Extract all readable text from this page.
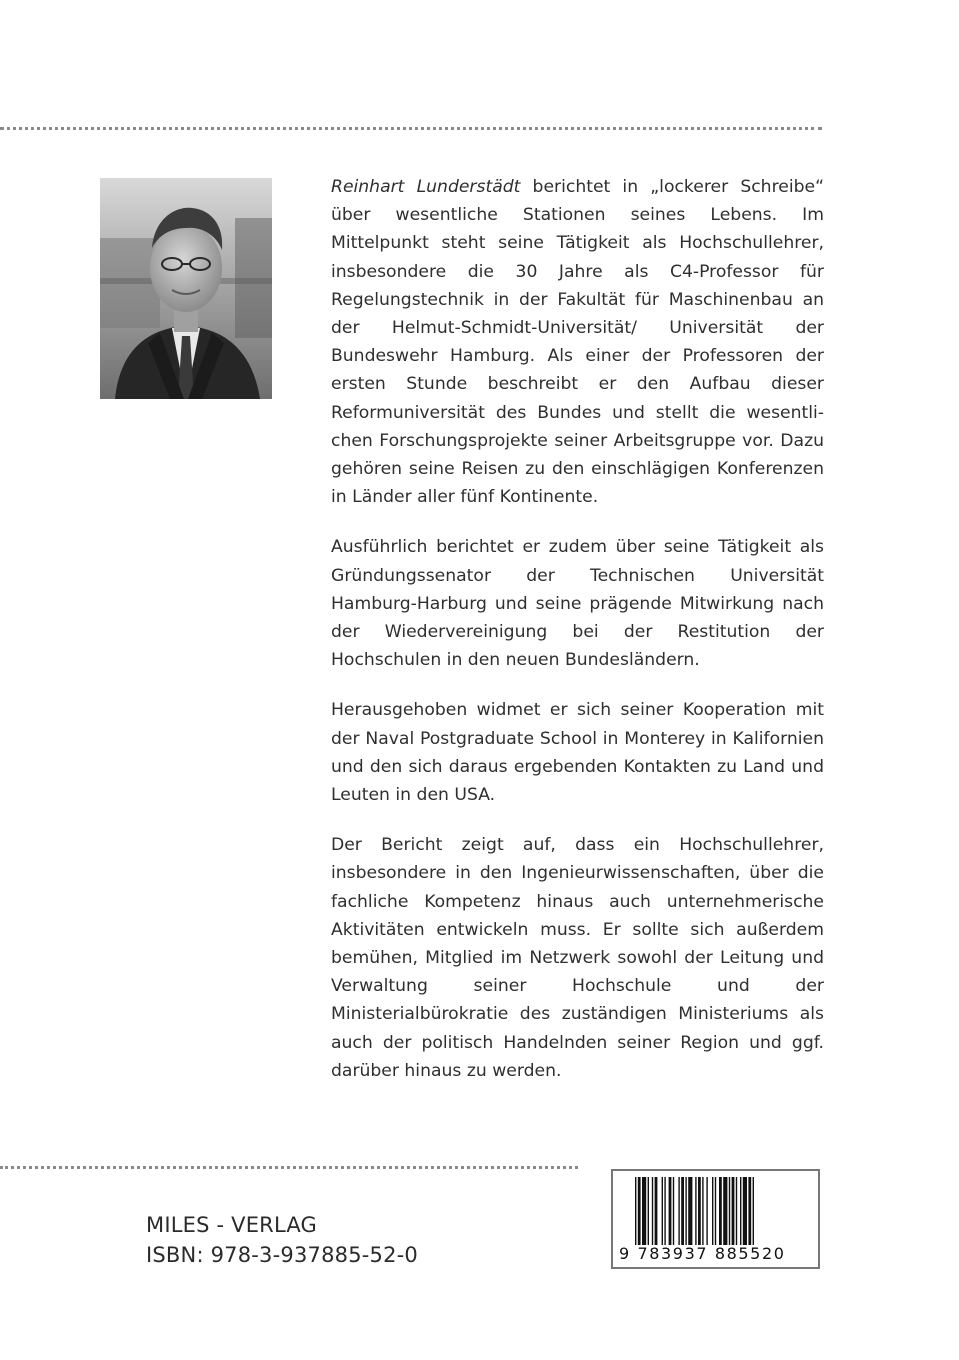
Reinhart Lunderstädt berichtet in „lockerer Schreibe“ über wesentliche Stationen seines Lebens. Im Mittelpunkt steht seine Tätigkeit als Hochschullehrer, insbesondere die 30 Jahre als C4-Professor für Regelungstechnik in der Fakultät für Maschinenbau an der Helmut-Schmidt-Universität/ Universität der Bundeswehr Hamburg. Als einer der Professoren der ersten Stunde beschreibt er den Aufbau dieser Reformuniversität des Bundes und stellt die wesentlichen Forschungsprojekte seiner Arbeitsgruppe vor. Dazu gehören seine Reisen zu den einschlägigen Konferenzen in Länder aller fünf Kontinente.

Ausführlich berichtet er zudem über seine Tätigkeit als Gründungssenator der Technischen Universität Hamburg-Harburg und seine prägende Mitwirkung nach der Wiedervereinigung bei der Restitution der Hochschulen in den neuen Bundesländern.

Herausgehoben widmet er sich seiner Kooperation mit der Naval Postgraduate School in Monterey in Kalifornien und den sich daraus ergebenden Kontakten zu Land und Leuten in den USA.

Der Bericht zeigt auf, dass ein Hochschullehrer, insbesondere in den Ingenieurwissenschaften, über die fachliche Kompetenz hinaus auch unternehmerische Aktivitäten entwickeln muss. Er sollte sich außerdem bemühen, Mitglied im Netzwerk sowohl der Leitung und Verwaltung seiner Hochschule und der Ministerialbürokratie des zuständigen Ministeriums als auch der politisch Handelnden seiner Region und ggf. darüber hinaus zu werden.

MILES - VERLAG
ISBN: 978-3-937885-52-0	9 783937 885520
